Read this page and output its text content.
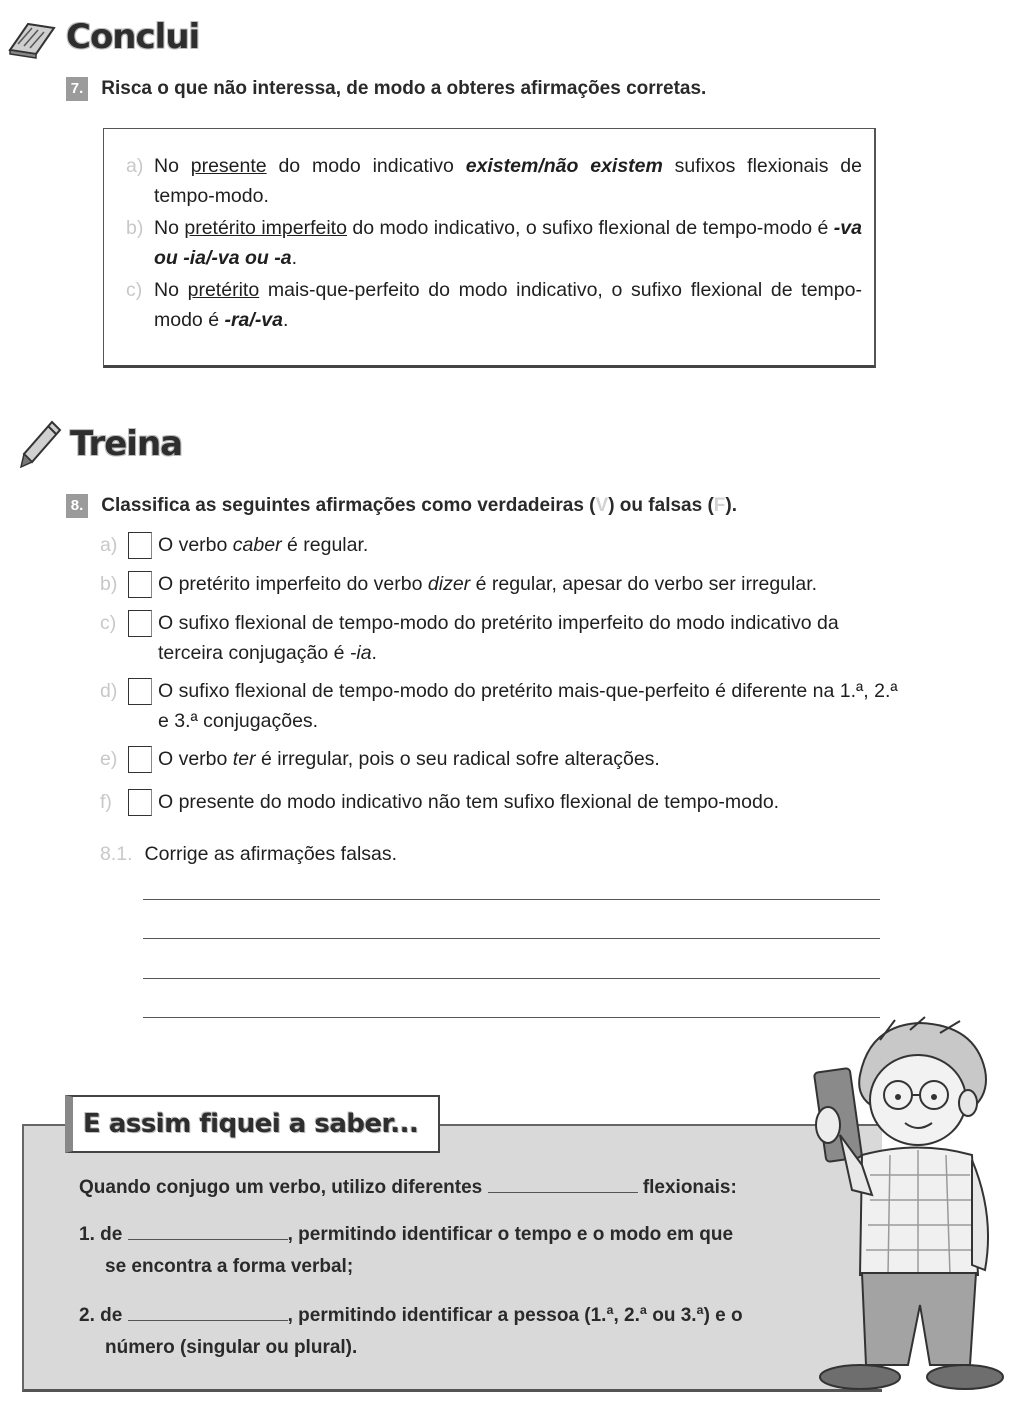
Conclui
7. Risca o que não interessa, de modo a obteres afirmações corretas.
a) No presente do modo indicativo existem/não existem sufixos flexionais de tempo-modo.
b) No pretérito imperfeito do modo indicativo, o sufixo flexional de tempo-modo é -va ou -ia/-va ou -a.
c) No pretérito mais-que-perfeito do modo indicativo, o sufixo flexional de tempo-modo é -ra/-va.
Treina
8. Classifica as seguintes afirmações como verdadeiras (V) ou falsas (F).
a)	O verbo caber é regular.
b)	O pretérito imperfeito do verbo dizer é regular, apesar do verbo ser irregular.
c)	O sufixo flexional de tempo-modo do pretérito imperfeito do modo indicativo da terceira conjugação é -ia.
d)	O sufixo flexional de tempo-modo do pretérito mais-que-perfeito é diferente na 1.ª, 2.ª e 3.ª conjugações.
e)	O verbo ter é irregular, pois o seu radical sofre alterações.
f)	O presente do modo indicativo não tem sufixo flexional de tempo-modo.
8.1. Corrige as afirmações falsas.
E assim fiquei a saber...
Quando conjugo um verbo, utilizo diferentes	flexionais:
1. de	, permitindo identificar o tempo e o modo em que
se encontra a forma verbal;
2. de	, permitindo identificar a pessoa (1.ª, 2.ª ou 3.ª) e o
número (singular ou plural).
